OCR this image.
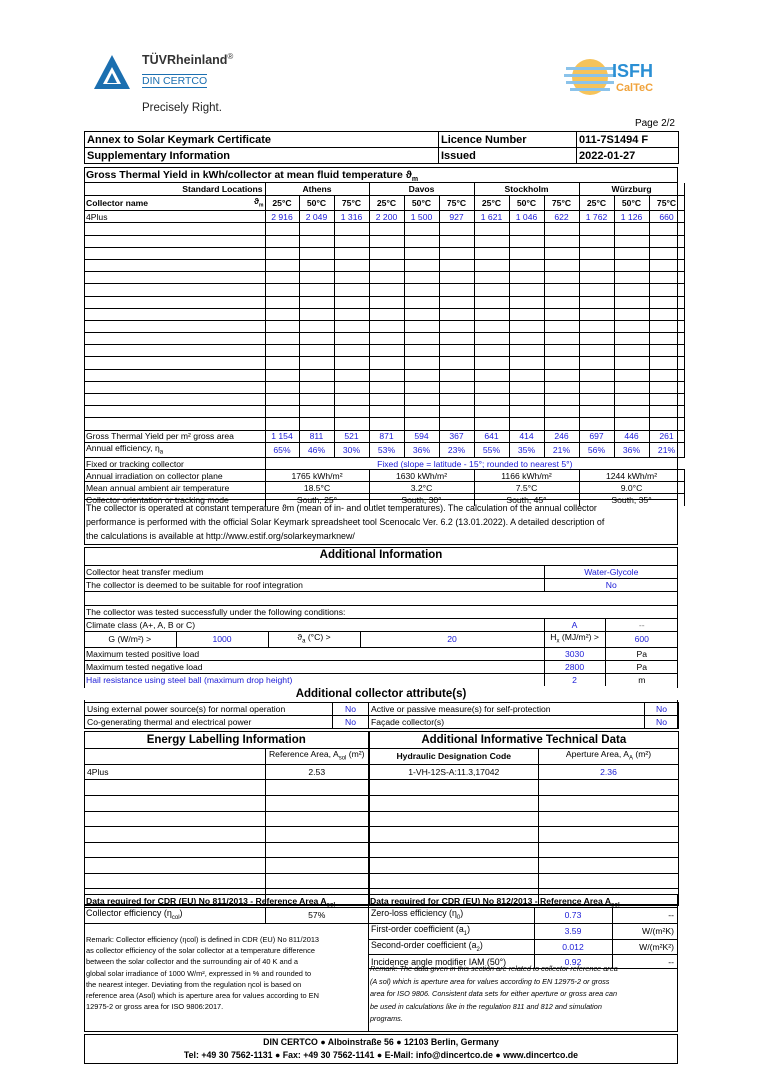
TÜVRheinland®
DIN CERTCO
Precisely Right.
ISFH
CalTeC
Page 2/2
Annex to Solar Keymark Certificate	Licence Number	011-7S1494 F
Supplementary Information	Issued	2022-01-27
Gross Thermal Yield in kWh/collector at mean fluid temperature $ϑ_m$
Standard Locations		Athens			Davos			Stockholm			Würzburg		
Collector name	$ϑ_m$	25°C	50°C	75°C	25°C	50°C	75°C	25°C	50°C	75°C	25°C	50°C	75°C
4Plus		2 916	2 049	1 316	2 200	1 500	927	1 621	1 046	622	1 762	1 126	660

Gross Thermal Yield per m² gross area		1 154	811	521	871	594	367	641	414	246	697	446	261
Annual efficiency, $\eta_a$		65%	46%	30%	53%	36%	23%	55%	35%	21%	56%	36%	21%
Fixed or tracking collector		Fixed (slope = latitude - 15°; rounded to nearest 5°)											
Annual irradiation on collector plane		1765 kWh/m²			1630 kWh/m²			1166 kWh/m²			1244 kWh/m²		
Mean annual ambient air temperature		18.5°C			3.2°C			7.5°C			9.0°C		
Collector orientation or tracking mode		South, 25°			South, 30°			South, 45°			South, 35°		
The collector is operated at constant temperature ϑm (mean of in- and outlet temperatures). The calculation of the annual collector
performance is performed with the official Solar Keymark spreadsheet tool Scenocalc Ver. 6.2 (13.01.2022). A detailed description of
the calculations is available at http://www.estif.org/solarkeymarknew/
Additional Information
Collector heat transfer medium				Water-Glycole	
The collector is deemed to be suitable for roof integration				No	

The collector was tested successfully under the following conditions:					
Climate class (A+, A, B or C)				A	--
G (W/m²) >	1000	$ϑ_a$ (°C) >	20	$H_x$ (MJ/m²) >	600
Maximum tested positive load				3030	Pa
Maximum tested negative load				2800	Pa
Hail resistance using steel ball (maximum drop height)				2	m
Additional collector attribute(s)
Using external power source(s) for normal operation	No	Active or passive measure(s) for self-protection	No
Co-generating thermal and electrical power	No	Façade collector(s)	No
Energy Labelling Information		Additional Informative Technical Data	
	Reference Area, $A_{sol}$ (m²)	Hydraulic Designation Code	Aperture Area, $A_A$ (m²)
4Plus	2.53	1-VH-12S-A:11.3,17042	2.36

Data required for CDR (EU) No 811/2013 - Reference Area $A_{sol}$	Data required for CDR (EU) No 812/2013 - Reference Area $A_{sol}$
Collector efficiency $(\eta_{col})$	57%
Remark: Collector efficiency (ηcol) is defined in CDR (EU) No 811/2013
as collector efficiency of the solar collector at a temperature difference
between the solar collector and the surrounding air of 40 K and a
global solar irradiance of 1000 W/m², expressed in % and rounded to
the nearest integer. Deviating from the regulation ηcol is based on
reference area (Asol) which is aperture area for values according to EN
12975-2 or gross area for ISO 9806:2017.
Zero-loss efficiency $(\eta_0)$	0.73	--
First-order coefficient $(a_1)$	3.59	W/(m²K)
Second-order coefficient $(a_2)$	0.012	W/(m²K²)
Incidence angle modifier IAM (50°)	0.92	--
Remark: The data given in this section are related to collector reference area
(A sol) which is aperture area for values according to EN 12975-2 or gross
area for ISO 9806. Consistent data sets for either aperture or gross area can
be used in calculations like in the regulation 811 and 812 and simulation
programs.
DIN CERTCO ● Alboinstraße 56 ● 12103 Berlin, Germany
Tel: +49 30 7562-1131 ● Fax: +49 30 7562-1141 ● E-Mail: info@dincertco.de ● www.dincertco.de
